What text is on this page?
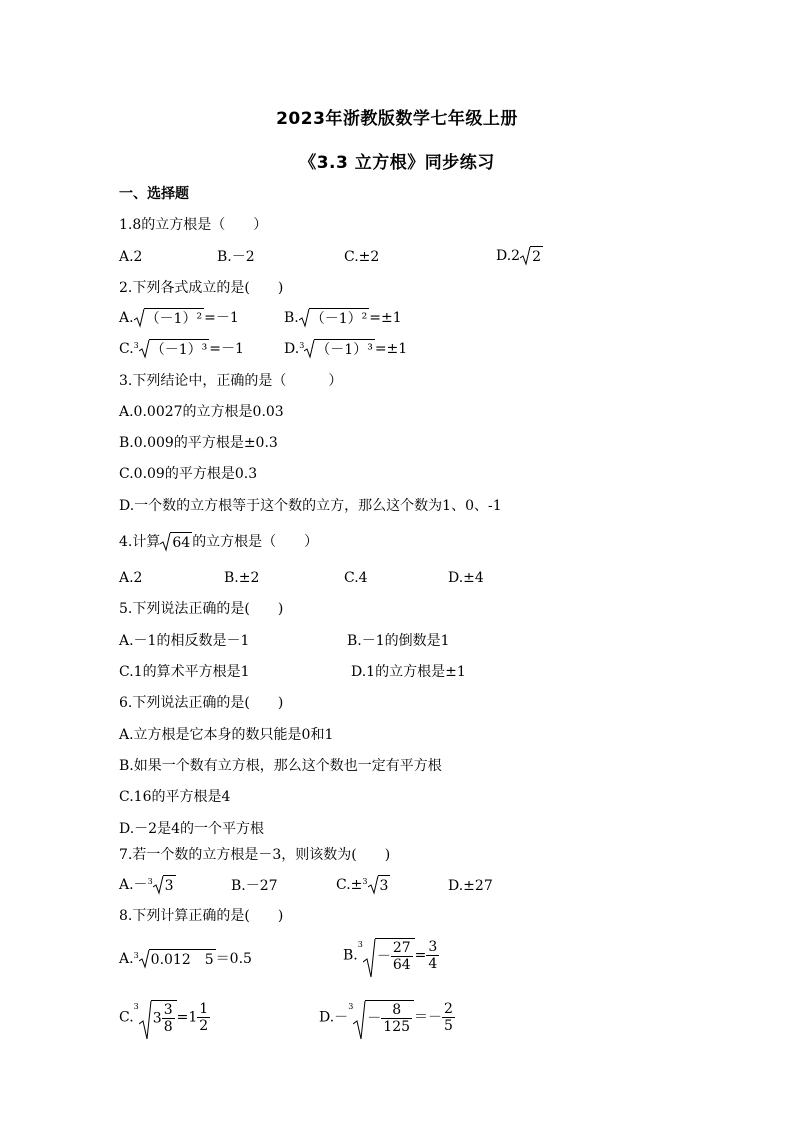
2023年浙教版数学七年级上册
《3.3 立方根》同步练习
一、选择题
1.8的立方根是（　　）
A.2	B.－2	C.±2	D.2 2
2.下列各式成立的是(　　)
A. （－1）² =－1	B. （－1）² =±1
C.$^3$ （－1）³ =－1	D.$^3$ （－1）³ =±1
3.下列结论中，正确的是（　　　）
A.0.0027的立方根是0.03
B.0.009的平方根是±0.3
C.0.09的平方根是0.3
D.一个数的立方根等于这个数的立方，那么这个数为1、0、-1
4.计算 64 的立方根是（　　）
A.2	B.±2	C.4	D.±4
5.下列说法正确的是(　　)
A.－1的相反数是－1	B.－1的倒数是1
C.1的算术平方根是1	D.1的立方根是±1
6.下列说法正确的是(　　)
A.立方根是它本身的数只能是0和1
B.如果一个数有立方根，那么这个数也一定有平方根
C.16的平方根是4
D.－2是4的一个平方根
7.若一个数的立方根是－3，则该数为(　　)
A.－$^3$ 3	B.－27	C.±$^3$ 3	D.±27
8.下列计算正确的是(　　)
A.$^3$ 0.012　5 ＝0.5	B.$^3$
－ $\frac{27}{64} = \frac{3}{4}$
C.$^3$
$3 \frac{3}{8} =1 \frac{1}{2}$	D.－$^3$
－ $\frac{8}{125} =- \frac{2}{5}$
